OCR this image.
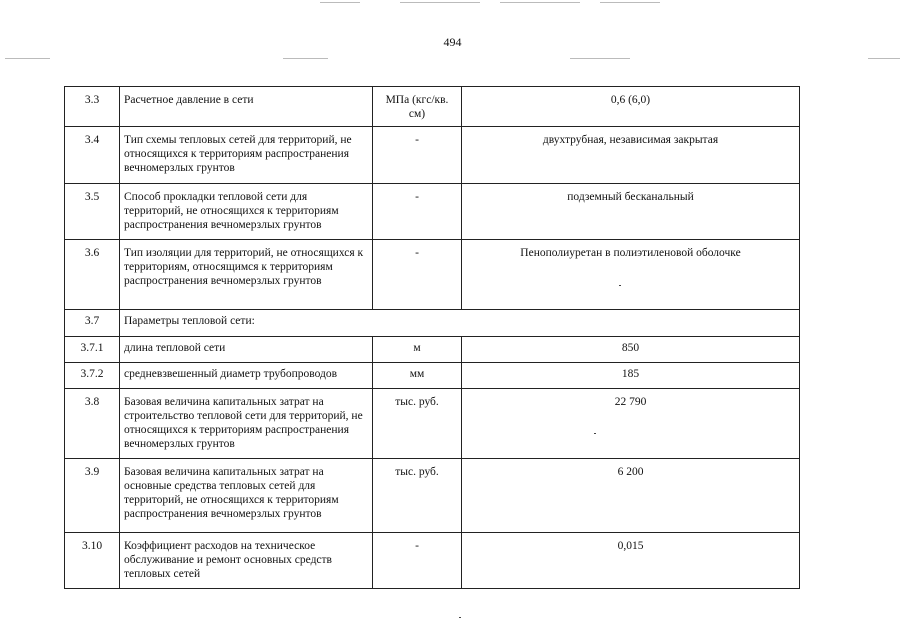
494
3.3	Расчетное давление в сети	МПа (кгс/кв. см)	0,6 (6,0)
3.4	Тип схемы тепловых сетей для территорий, не относящихся к территориям распространения вечномерзлых грунтов	-	двухтрубная, независимая закрытая
3.5	Способ прокладки тепловой сети для территорий, не относящихся к территориям распространения вечномерзлых грунтов	-	подземный бесканальный
3.6	Тип изоляции для территорий, не относящихся к территориям, относящимся к территориям распространения вечномерзлых грунтов	-	Пенополиуретан в полиэтиленовой оболочке
3.7	Параметры тепловой сети:		
3.7.1	длина тепловой сети	м	850
3.7.2	средневзвешенный диаметр трубопроводов	мм	185
3.8	Базовая величина капитальных затрат на строительство тепловой сети для территорий, не относящихся к территориям распространения вечномерзлых грунтов	тыс. руб.	22 790
3.9	Базовая величина капитальных затрат на основные средства тепловых сетей для территорий, не относящихся к территориям распространения вечномерзлых грунтов	тыс. руб.	6 200
3.10	Коэффициент расходов на техническое обслуживание и ремонт основных средств тепловых сетей	-	0,015
